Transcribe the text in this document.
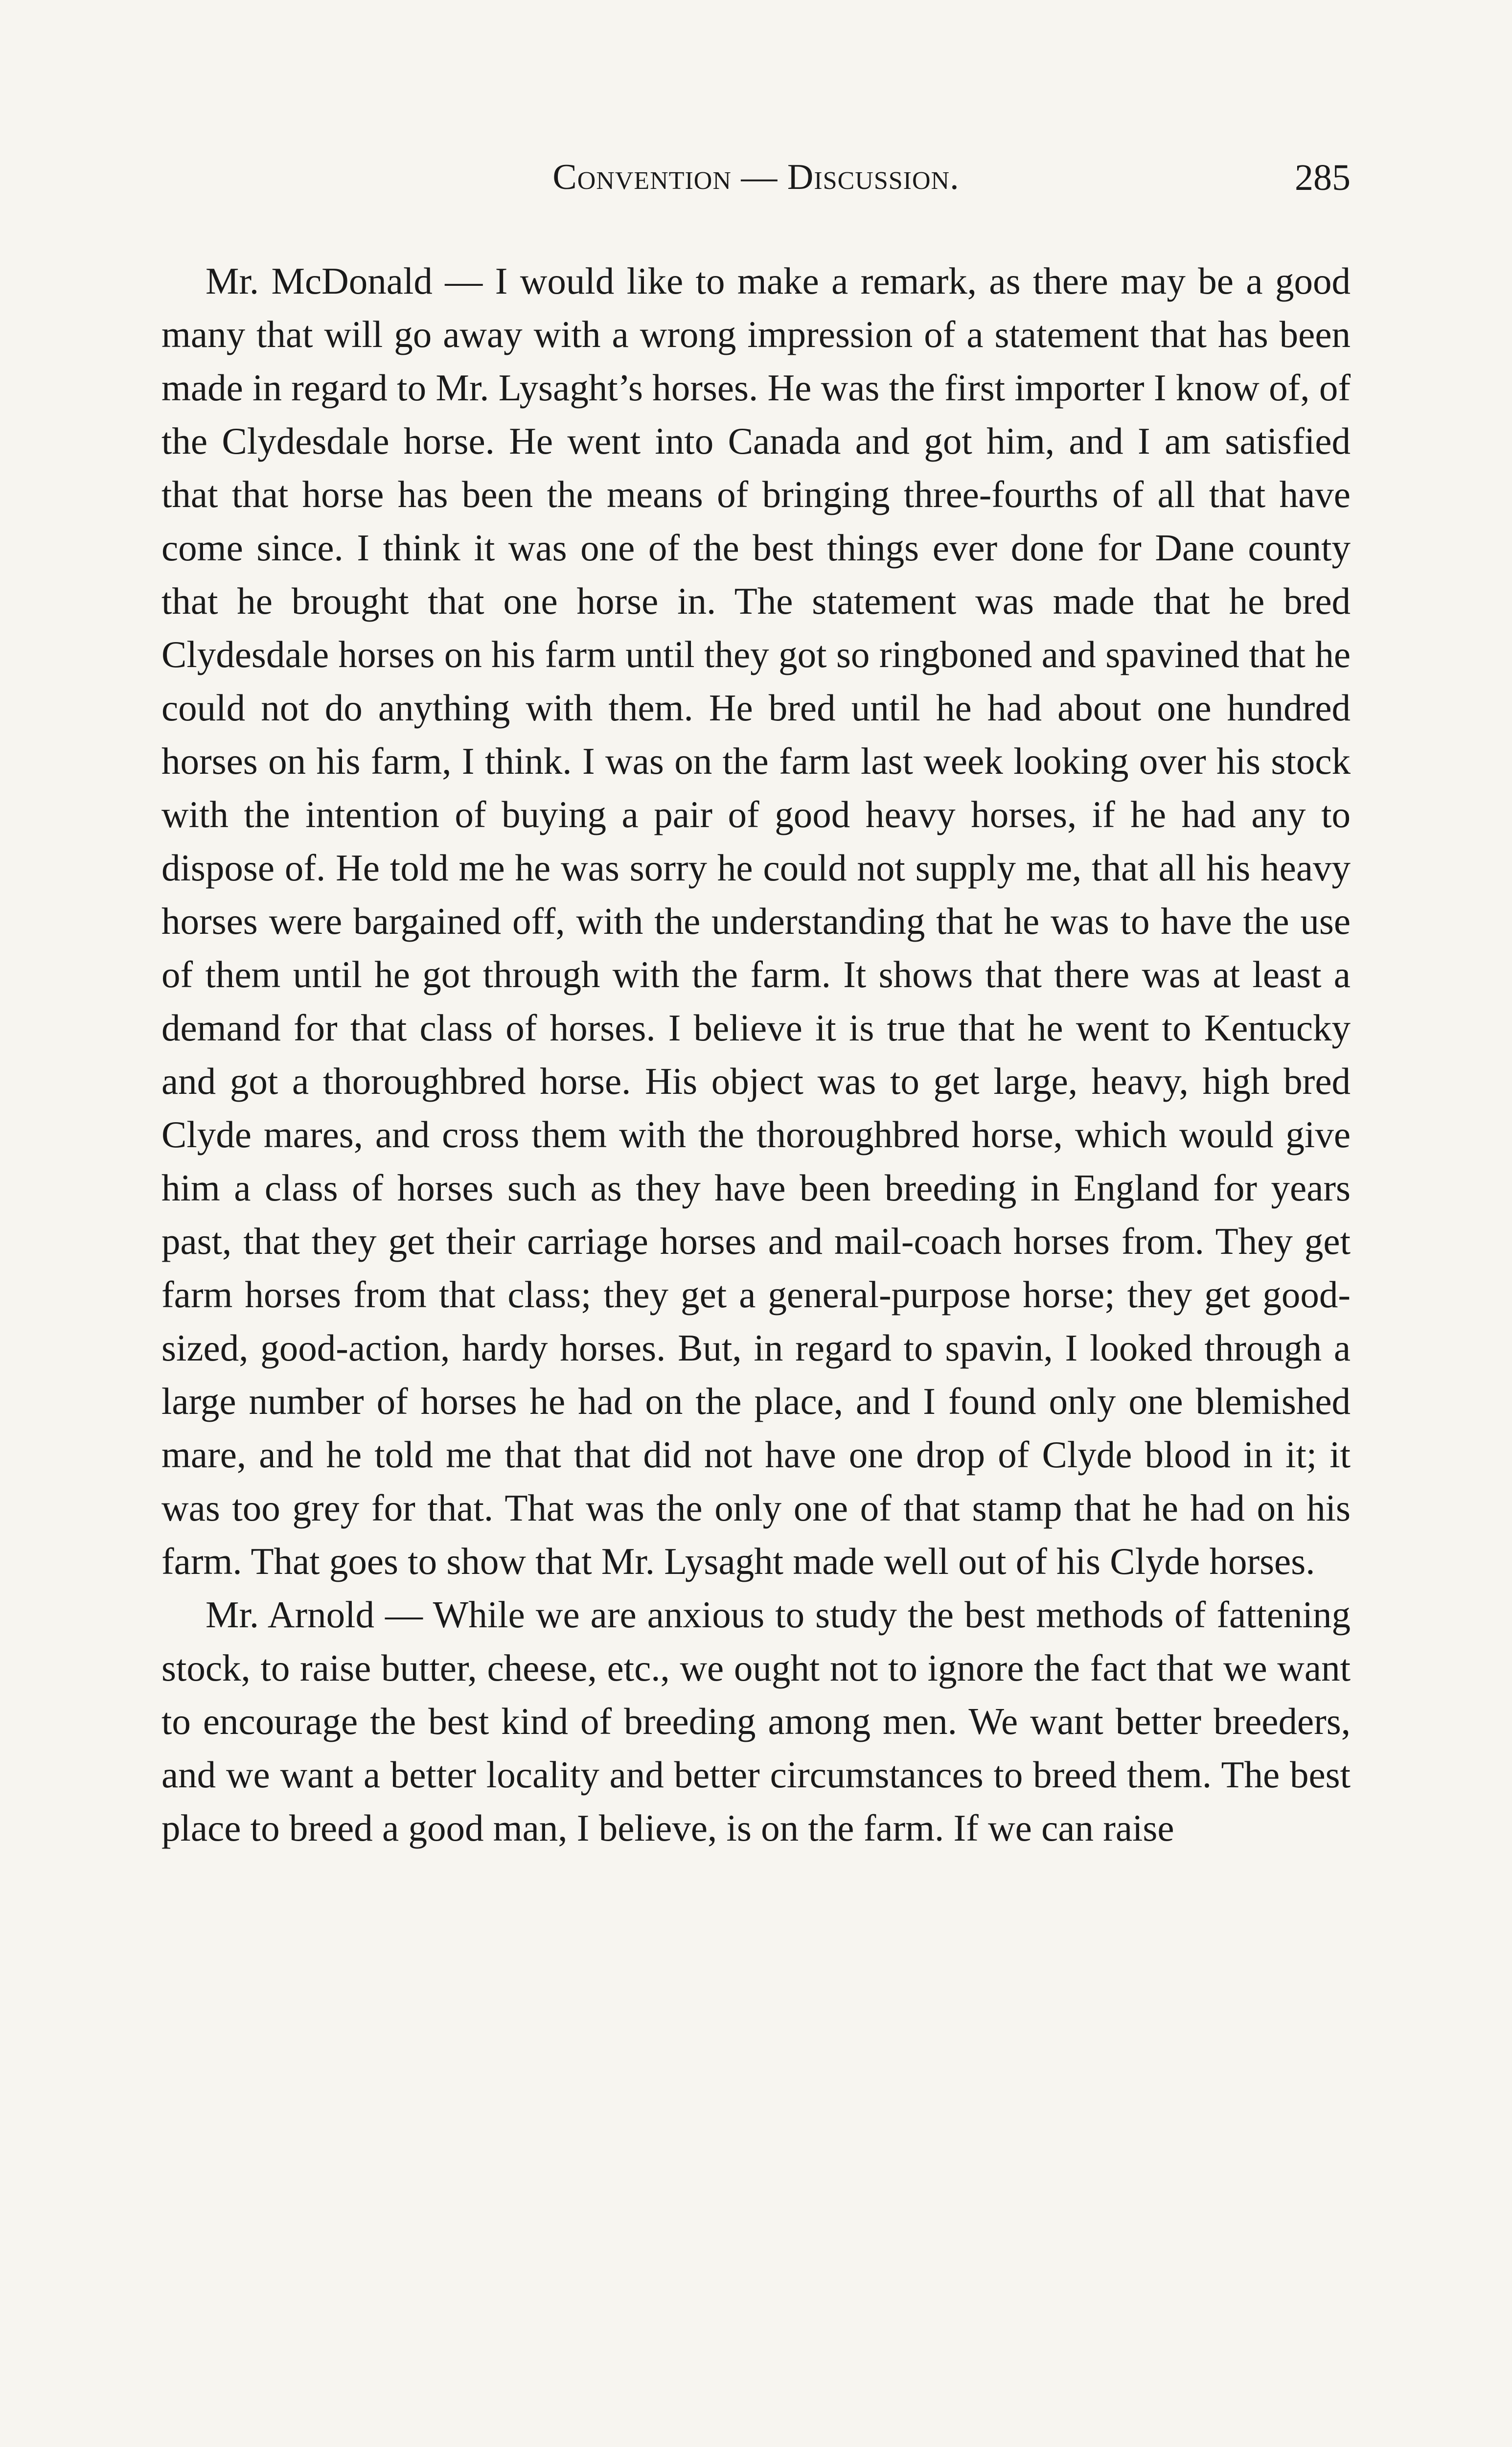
Convention — Discussion.	285

Mr. McDonald — I would like to make a remark, as there may be a good many that will go away with a wrong impression of a statement that has been made in regard to Mr. Lysaght’s horses. He was the first importer I know of, of the Clydesdale horse. He went into Canada and got him, and I am satisfied that that horse has been the means of bringing three-fourths of all that have come since. I think it was one of the best things ever done for Dane county that he brought that one horse in. The statement was made that he bred Clydesdale horses on his farm until they got so ringboned and spavined that he could not do anything with them. He bred until he had about one hundred horses on his farm, I think. I was on the farm last week looking over his stock with the intention of buying a pair of good heavy horses, if he had any to dispose of. He told me he was sorry he could not supply me, that all his heavy horses were bargained off, with the understanding that he was to have the use of them until he got through with the farm. It shows that there was at least a demand for that class of horses. I believe it is true that he went to Kentucky and got a thoroughbred horse. His object was to get large, heavy, high bred Clyde mares, and cross them with the thoroughbred horse, which would give him a class of horses such as they have been breeding in England for years past, that they get their carriage horses and mail-coach horses from. They get farm horses from that class; they get a general-purpose horse; they get good-sized, good-action, hardy horses. But, in regard to spavin, I looked through a large number of horses he had on the place, and I found only one blemished mare, and he told me that that did not have one drop of Clyde blood in it; it was too grey for that. That was the only one of that stamp that he had on his farm. That goes to show that Mr. Lysaght made well out of his Clyde horses.

Mr. Arnold — While we are anxious to study the best methods of fattening stock, to raise butter, cheese, etc., we ought not to ignore the fact that we want to encourage the best kind of breeding among men. We want better breeders, and we want a better locality and better circumstances to breed them. The best place to breed a good man, I believe, is on the farm. If we can raise
